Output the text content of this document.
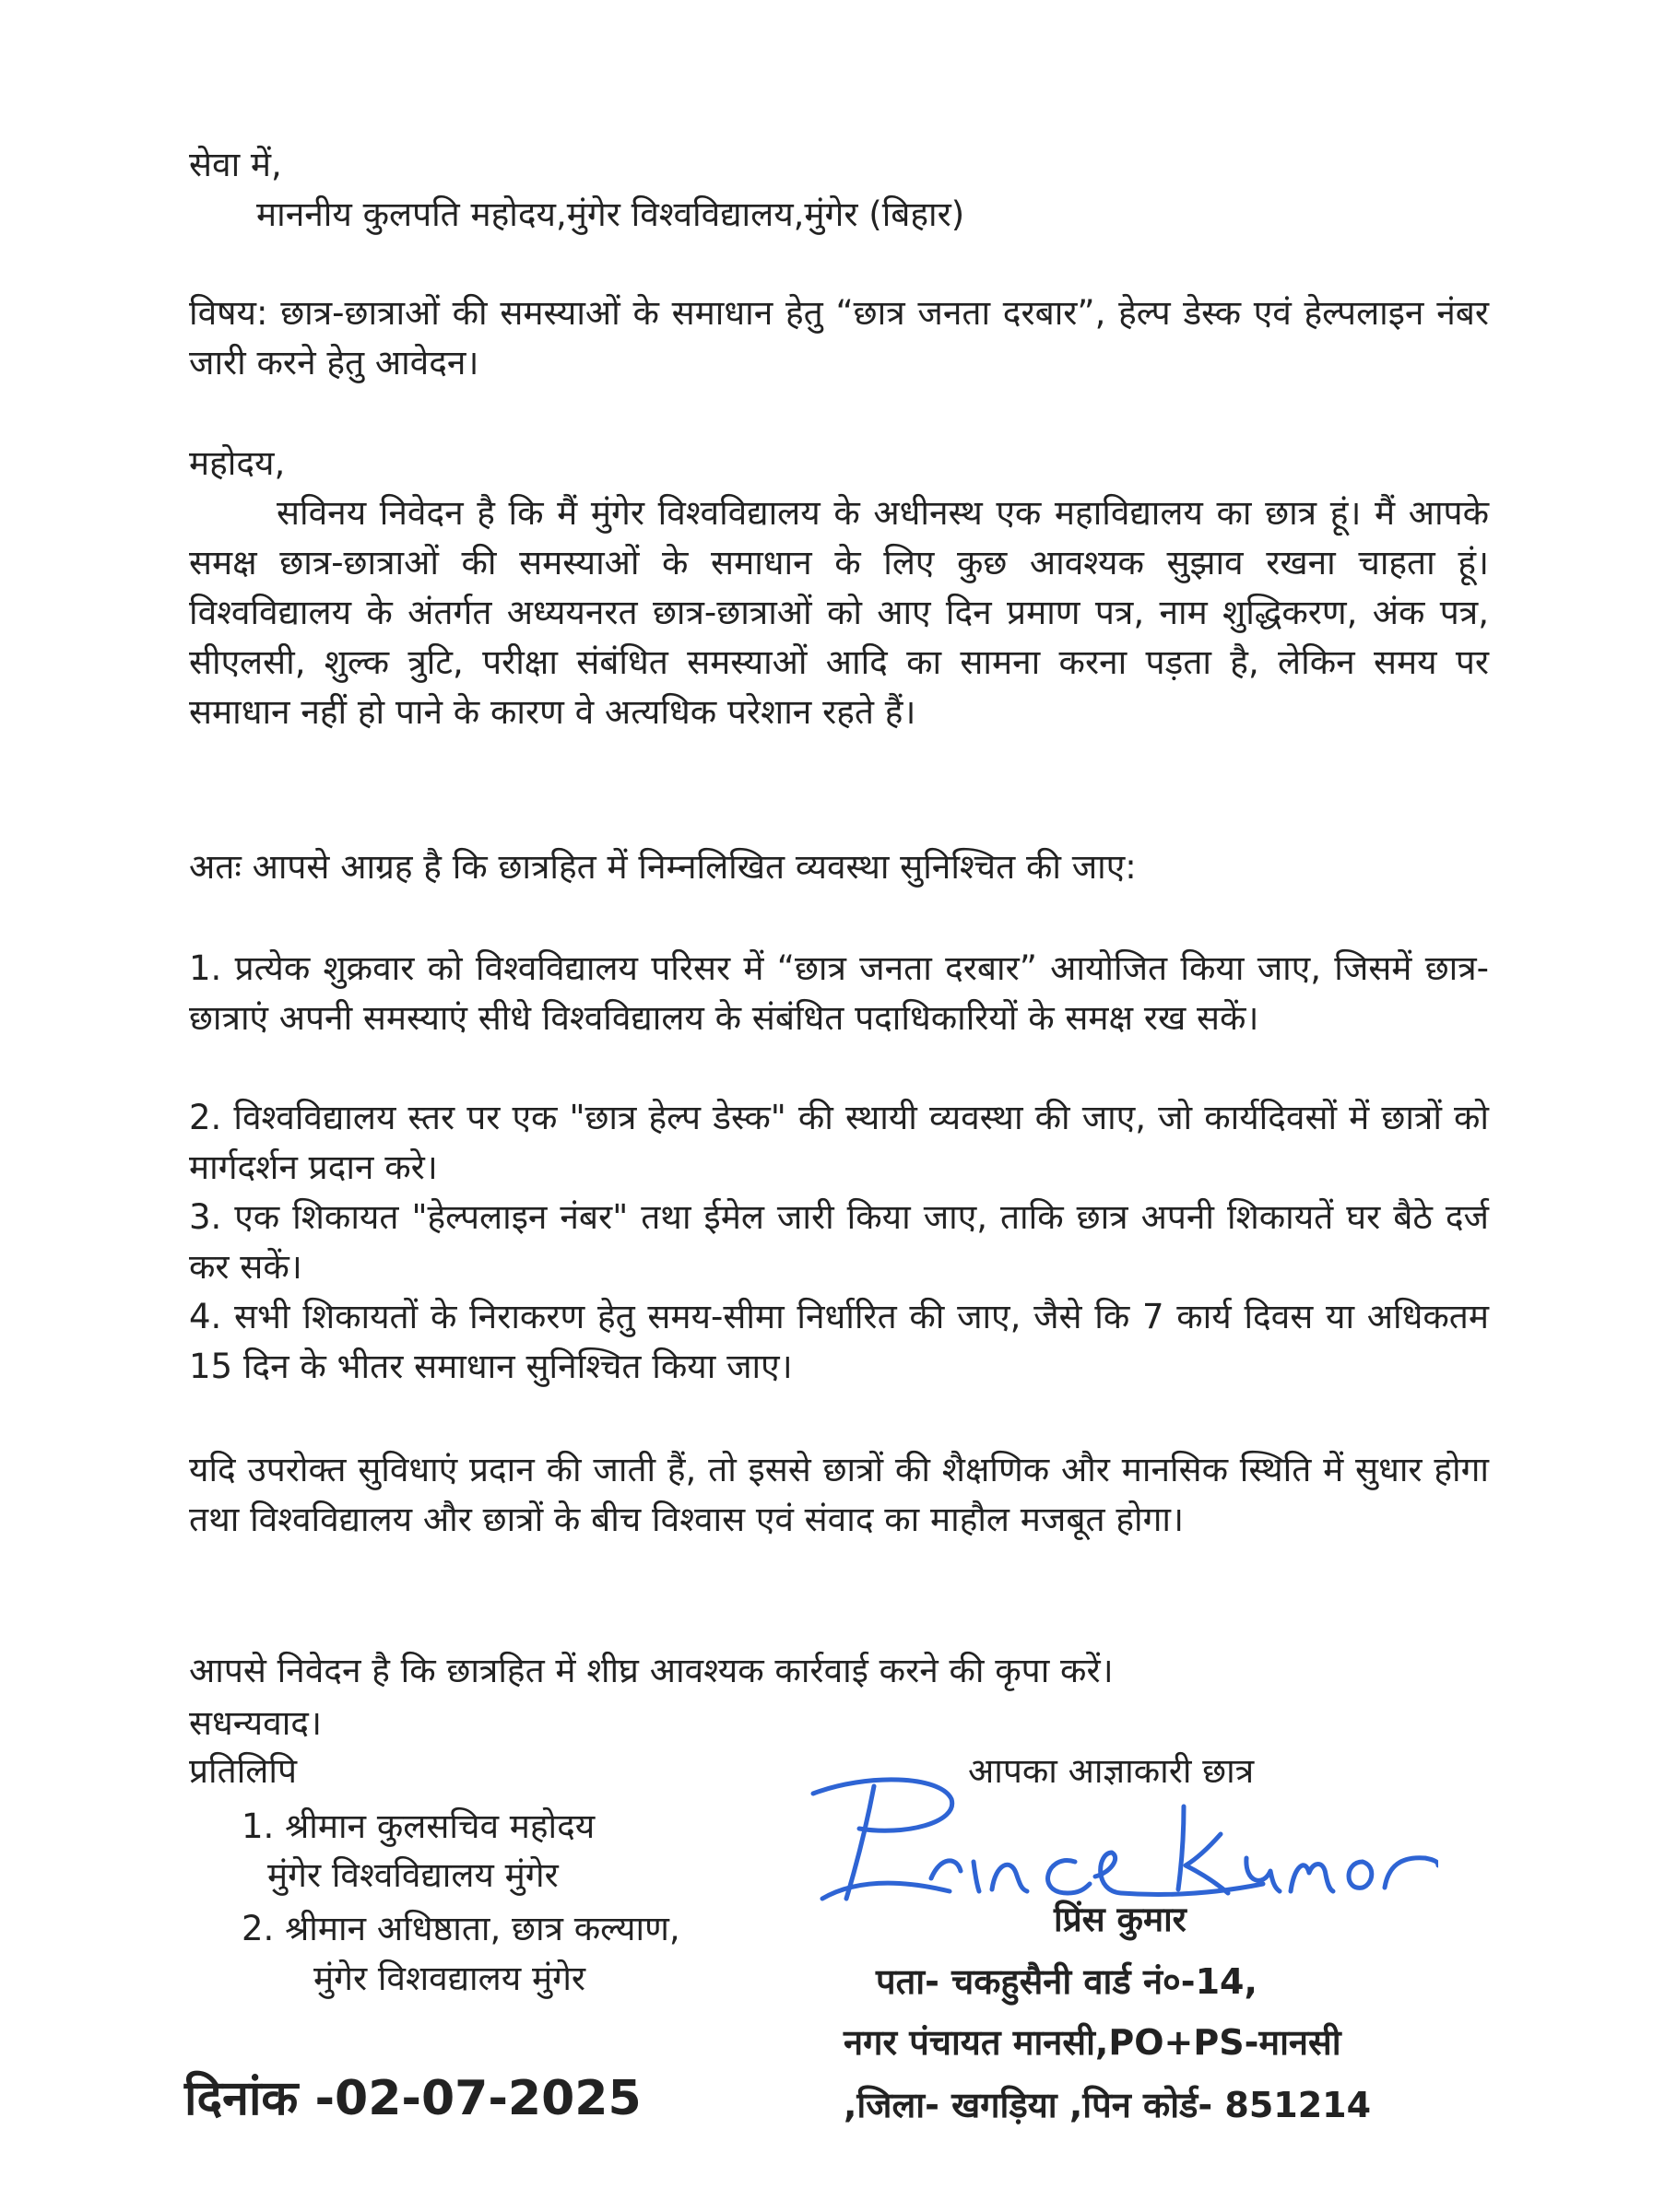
सेवा में,

माननीय कुलपति महोदय,मुंगेर विश्वविद्यालय,मुंगेर (बिहार)

विषय: छात्र-छात्राओं की समस्याओं के समाधान हेतु “छात्र जनता दरबार”, हेल्प डेस्क एवं हेल्पलाइन नंबर जारी करने हेतु आवेदन।

महोदय,

सविनय निवेदन है कि मैं मुंगेर विश्वविद्यालय के अधीनस्थ एक महाविद्यालय का छात्र हूं। मैं आपके समक्ष छात्र-छात्राओं की समस्याओं के समाधान के लिए कुछ आवश्यक सुझाव रखना चाहता हूं। विश्वविद्यालय के अंतर्गत अध्ययनरत छात्र-छात्राओं को आए दिन प्रमाण पत्र, नाम शुद्धिकरण, अंक पत्र, सीएलसी, शुल्क त्रुटि, परीक्षा संबंधित समस्याओं आदि का सामना करना पड़ता है, लेकिन समय पर समाधान नहीं हो पाने के कारण वे अत्यधिक परेशान रहते हैं।

अतः आपसे आग्रह है कि छात्रहित में निम्नलिखित व्यवस्था सुनिश्चित की जाए:

1. प्रत्येक शुक्रवार को विश्वविद्यालय परिसर में “छात्र जनता दरबार” आयोजित किया जाए, जिसमें छात्र-छात्राएं अपनी समस्याएं सीधे विश्वविद्यालय के संबंधित पदाधिकारियों के समक्ष रख सकें।

2. विश्वविद्यालय स्तर पर एक "छात्र हेल्प डेस्क" की स्थायी व्यवस्था की जाए, जो कार्यदिवसों में छात्रों को मार्गदर्शन प्रदान करे।

3. एक शिकायत "हेल्पलाइन नंबर" तथा ईमेल जारी किया जाए, ताकि छात्र अपनी शिकायतें घर बैठे दर्ज कर सकें।

4. सभी शिकायतों के निराकरण हेतु समय-सीमा निर्धारित की जाए, जैसे कि 7 कार्य दिवस या अधिकतम 15 दिन के भीतर समाधान सुनिश्चित किया जाए।

यदि उपरोक्त सुविधाएं प्रदान की जाती हैं, तो इससे छात्रों की शैक्षणिक और मानसिक स्थिति में सुधार होगा तथा विश्वविद्यालय और छात्रों के बीच विश्वास एवं संवाद का माहौल मजबूत होगा।

आपसे निवेदन है कि छात्रहित में शीघ्र आवश्यक कार्रवाई करने की कृपा करें।

सधन्यवाद।

प्रतिलिपि

1. श्रीमान कुलसचिव महोदय

मुंगेर विश्वविद्यालय मुंगेर

2. श्रीमान अधिष्ठाता, छात्र कल्याण,

मुंगेर विशवद्यालय मुंगेर

आपका आज्ञाकारी छात्र

प्रिंस कुमार

पता- चकहुसैनी वार्ड नं०-14,

नगर पंचायत मानसी,PO+PS-मानसी

,जिला- खगड़िया ,पिन कोर्ड- 851214

दिनांक -02-07-2025
